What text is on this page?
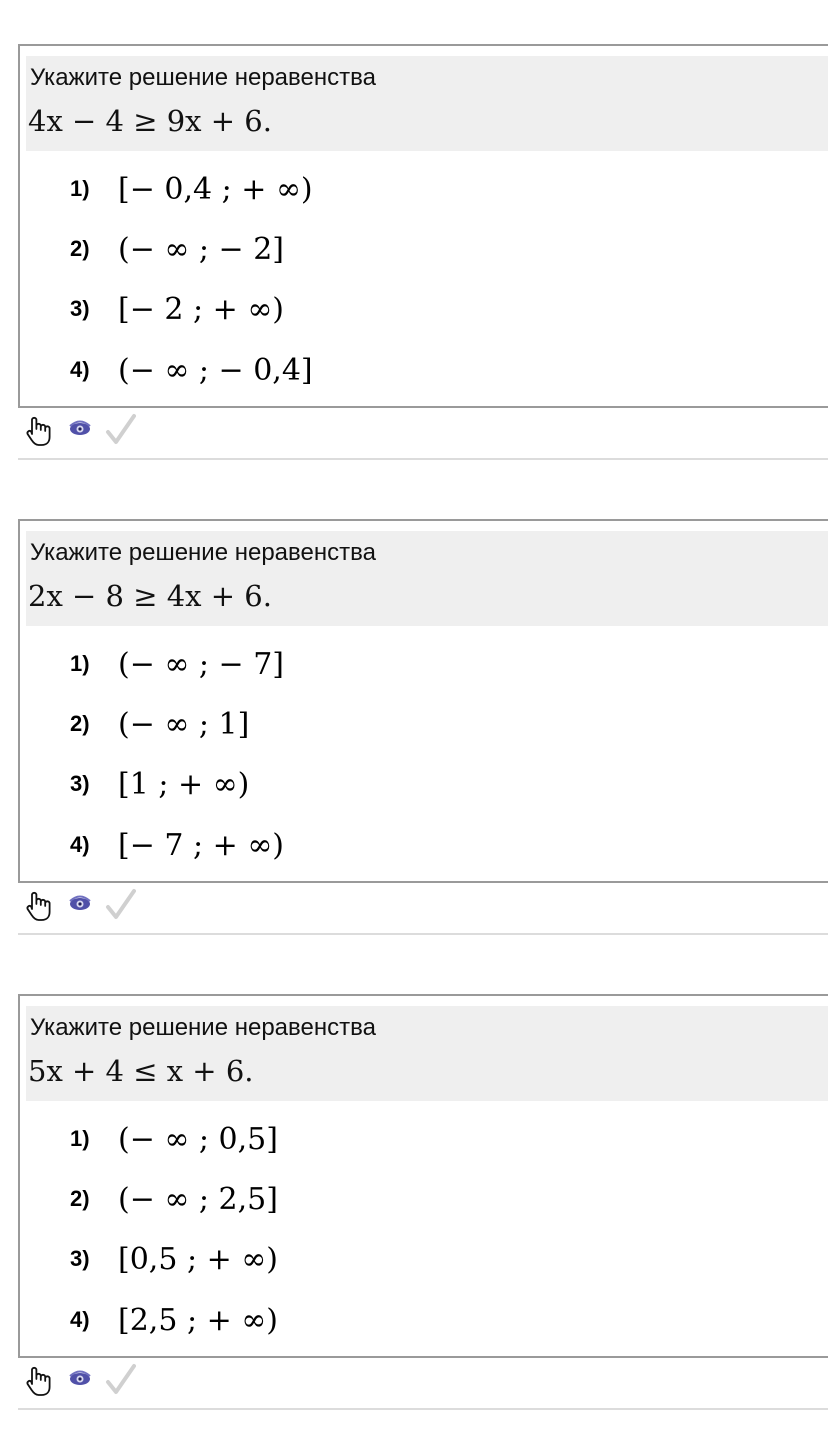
Укажите решение неравенства
4x − 4 ≥ 9x + 6.
1) [− 0,4 ; + ∞)
2) (− ∞ ; − 2]
3) [− 2 ; + ∞)
4) (− ∞ ; − 0,4]
Укажите решение неравенства
2x − 8 ≥ 4x + 6.
1) (− ∞ ; − 7]
2) (− ∞ ; 1]
3) [1 ; + ∞)
4) [− 7 ; + ∞)
Укажите решение неравенства
5x + 4 ≤ x + 6.
1) (− ∞ ; 0,5]
2) (− ∞ ; 2,5]
3) [0,5 ; + ∞)
4) [2,5 ; + ∞)
